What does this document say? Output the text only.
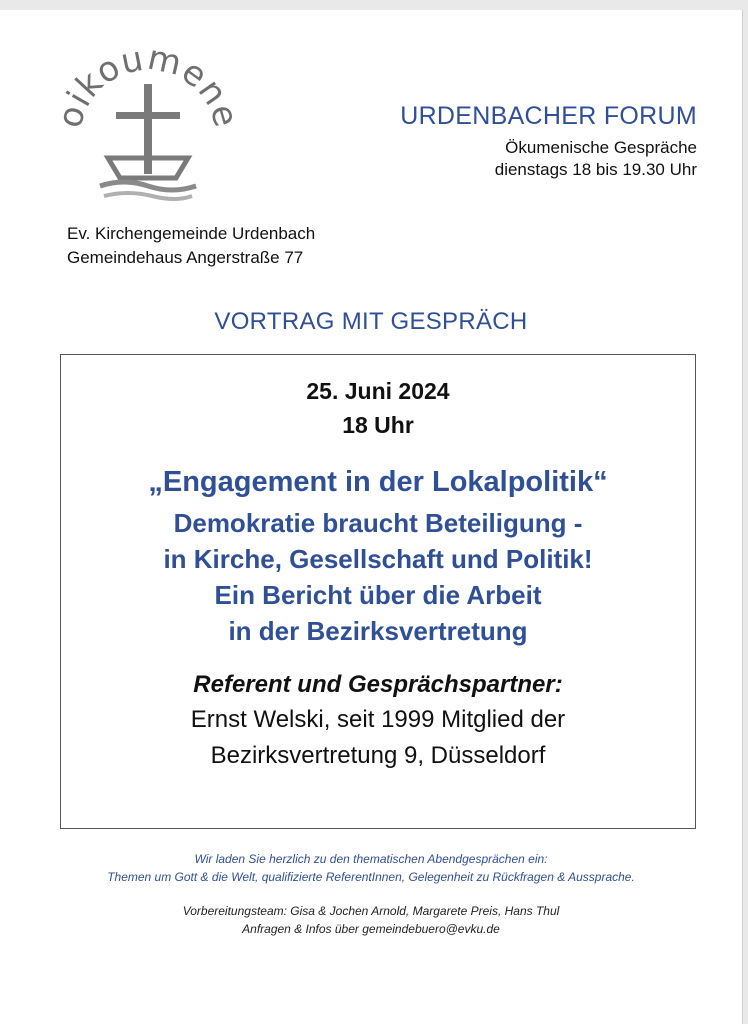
ikoumen
URDENBACHER FORUM
Ökumenische Gespräche
dienstags 18 bis 19.30 Uhr
Ev. Kirchengemeinde Urdenbach
Gemeindehaus Angerstraße 77
VORTRAG MIT GESPRÄCH
25. Juni 2024
18 Uhr
„Engagement in der Lokalpolitik“
Demokratie braucht Beteiligung -
in Kirche, Gesellschaft und Politik!
Ein Bericht über die Arbeit
in der Bezirksvertretung
Referent und Gesprächspartner:
Ernst Welski, seit 1999 Mitglied der
Bezirksvertretung 9, Düsseldorf
Wir laden Sie herzlich zu den thematischen Abendgesprächen ein:
Themen um Gott & die Welt, qualifizierte ReferentInnen, Gelegenheit zu Rückfragen & Aussprache.
Vorbereitungsteam: Gisa & Jochen Arnold, Margarete Preis, Hans Thul
Anfragen & Infos über gemeindebuero@evku.de
